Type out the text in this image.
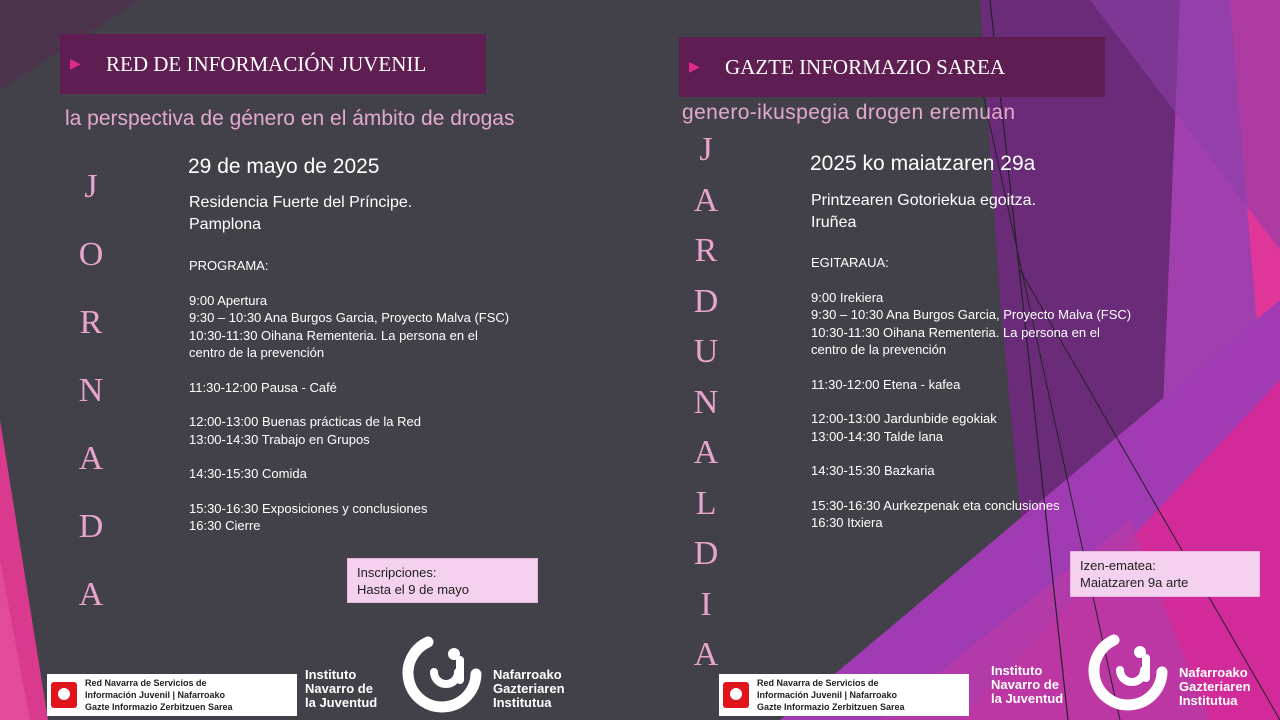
▶	RED DE INFORMACIÓN JUVENIL
la perspectiva de género en el ámbito de drogas
J
O
R
N
A
D
A
29 de mayo de 2025
Residencia Fuerte del Príncipe.
Pamplona
PROGRAMA:
9:00 Apertura
9:30 – 10:30 Ana Burgos Garcia, Proyecto Malva (FSC)
10:30-11:30 Oihana Rementeria. La persona en el
centro de la prevención
11:30-12:00 Pausa - Café
12:00-13:00 Buenas prácticas de la Red
13:00-14:30 Trabajo en Grupos
14:30-15:30 Comida
15:30-16:30 Exposiciones y conclusiones
16:30 Cierre
Inscripciones:
Hasta el 9 de mayo
▶	GAZTE INFORMAZIO SAREA
genero-ikuspegia drogen eremuan
J
A
R
D
U
N
A
L
D
I
A
2025 ko maiatzaren 29a
Printzearen Gotoriekua egoitza.
Iruñea
EGITARAUA:
9:00 Irekiera
9:30 – 10:30 Ana Burgos Garcia, Proyecto Malva (FSC)
10:30-11:30 Oihana Rementeria. La persona en el
centro de la prevención
11:30-12:00 Etena - kafea
12:00-13:00 Jardunbide egokiak
13:00-14:30 Talde lana
14:30-15:30 Bazkaria
15:30-16:30 Aurkezpenak eta conclusiones
16:30 Itxiera
Izen-ematea:
Maiatzaren 9a arte
Red Navarra de Servicios de
Información Juvenil | Nafarroako
Gazte Informazio Zerbitzuen Sarea
Instituto
Navarro de
la Juventud
Nafarroako
Gazteriaren
Institutua
Red Navarra de Servicios de
Información Juvenil | Nafarroako
Gazte Informazio Zerbitzuen Sarea
Instituto
Navarro de
la Juventud
Nafarroako
Gazteriaren
Institutua
